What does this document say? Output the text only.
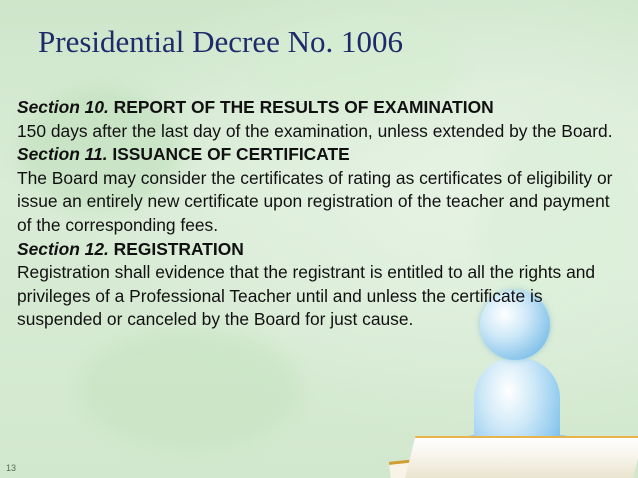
Presidential Decree No. 1006

Section 10. REPORT OF THE RESULTS OF EXAMINATION

150 days after the last day of the examination, unless extended by the Board.

Section 11. ISSUANCE OF CERTIFICATE

The Board may consider the certificates of rating as certificates of eligibility or issue an entirely new certificate upon registration of the teacher and payment of the corresponding fees.

Section 12. REGISTRATION

Registration shall evidence that the registrant is entitled to all the rights and privileges of a Professional Teacher until and unless the certificate is suspended or canceled by the Board for just cause.

13
